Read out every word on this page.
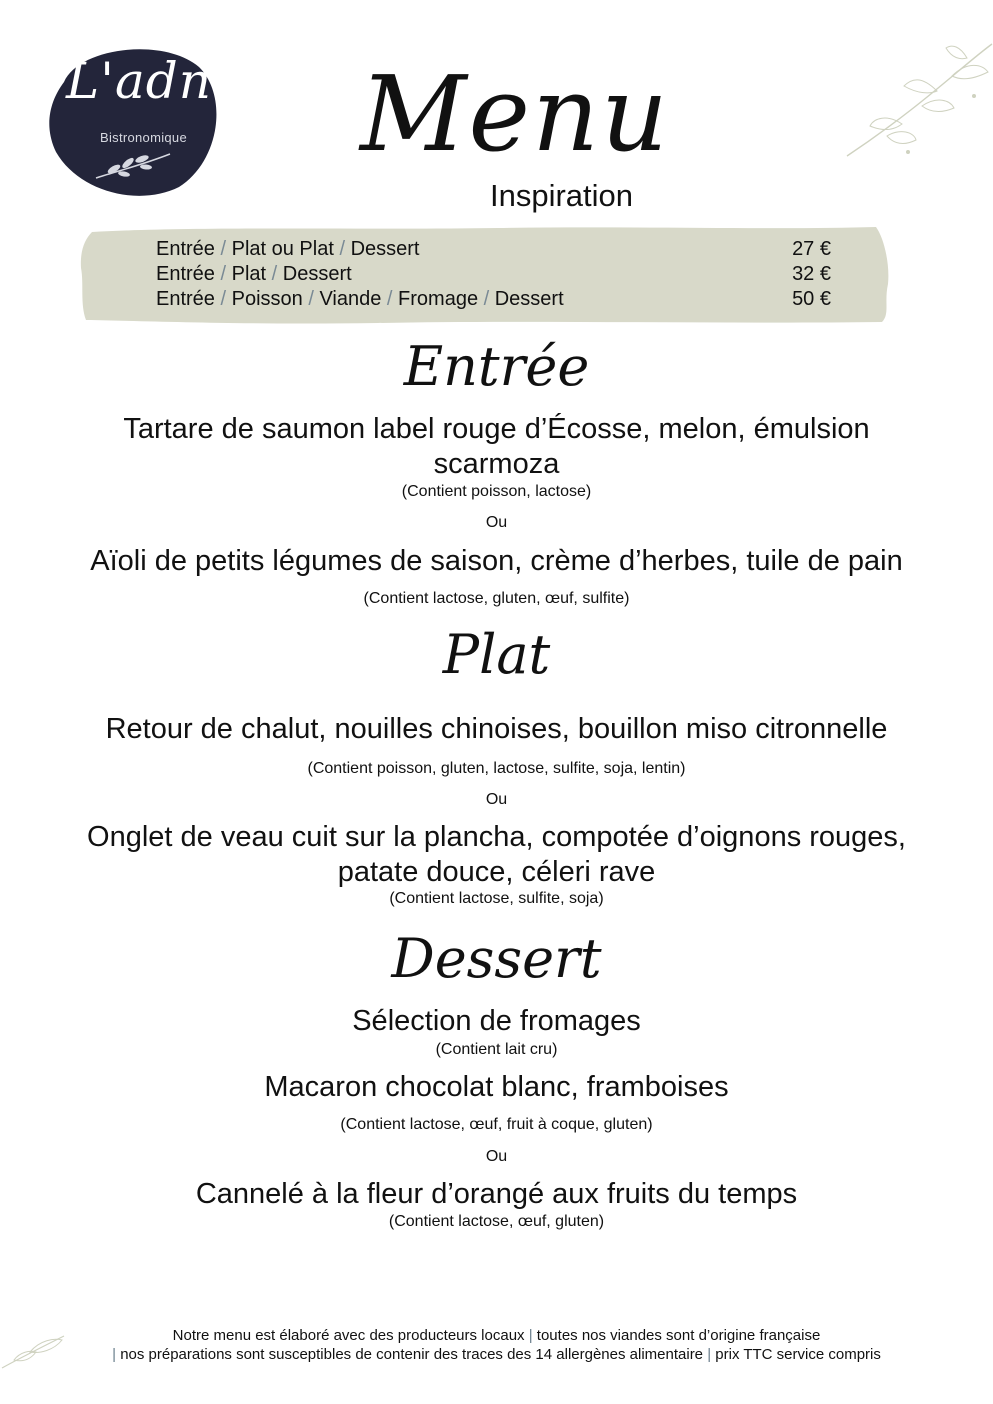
L'adn
Bistronomique Menu
Inspiration
Entrée / Plat ou Plat / Dessert	27 €
Entrée / Plat / Dessert	32 €
Entrée / Poisson / Viande / Fromage / Dessert	50 €
Entrée
Tartare de saumon label rouge d’Écosse, melon, émulsion
scarmoza
(Contient poisson, lactose)
Ou
Aïoli de petits légumes de saison, crème d’herbes, tuile de pain
(Contient lactose, gluten, œuf, sulfite)
Plat
Retour de chalut, nouilles chinoises, bouillon miso citronnelle
(Contient poisson, gluten, lactose, sulfite, soja, lentin)
Ou
Onglet de veau cuit sur la plancha, compotée d’oignons rouges,
patate douce, céleri rave
(Contient lactose, sulfite, soja)
Dessert
Sélection de fromages
(Contient lait cru)
Macaron chocolat blanc, framboises
(Contient lactose, œuf, fruit à coque, gluten)
Ou
Cannelé à la fleur d’orangé aux fruits du temps
(Contient lactose, œuf, gluten)
Notre menu est élaboré avec des producteurs locaux | toutes nos viandes sont d’origine française
| nos préparations sont susceptibles de contenir des traces des 14 allergènes alimentaire | prix TTC service compris
